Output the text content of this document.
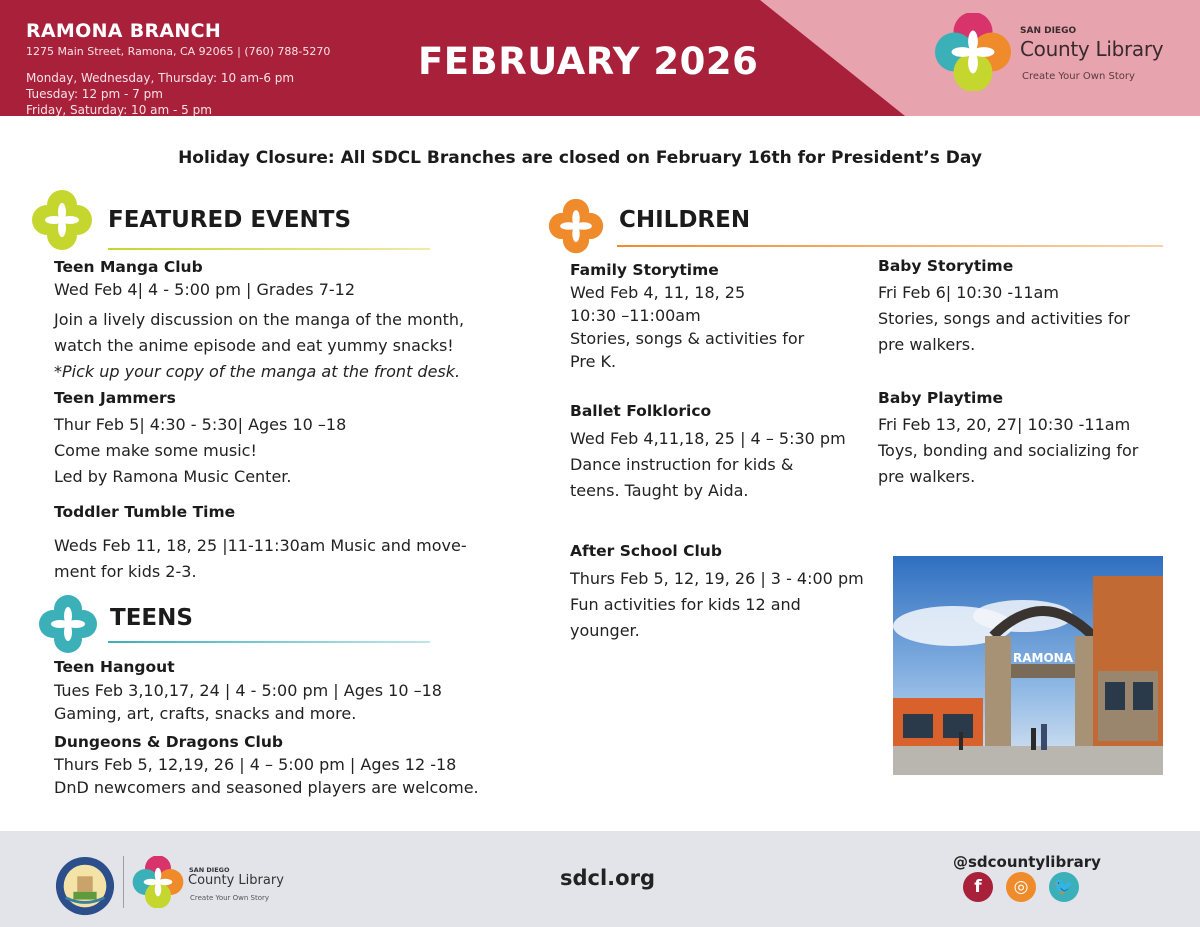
RAMONA BRANCH
1275 Main Street, Ramona, CA 92065 | (760) 788-5270
Monday, Wednesday, Thursday: 10 am-6 pm
Tuesday: 12 pm - 7 pm
Friday, Saturday: 10 am - 5 pm
FEBRUARY 2026
SAN DIEGO
County Library
Create Your Own Story
Holiday Closure: All SDCL Branches are closed on February 16th for President’s Day
FEATURED EVENTS
Teen Manga Club
Wed Feb 4| 4 - 5:00 pm | Grades 7-12
Join a lively discussion on the manga of the month,
watch the anime episode and eat yummy snacks!
*Pick up your copy of the manga at the front desk.
Teen Jammers
Thur Feb 5| 4:30 - 5:30| Ages 10 –18
Come make some music!
Led by Ramona Music Center.
Toddler Tumble Time
Weds Feb 11, 18, 25 |11-11:30am Music and move-
ment for kids 2-3.
TEENS
Teen Hangout
Tues Feb 3,10,17, 24 | 4 - 5:00 pm | Ages 10 –18
Gaming, art, crafts, snacks and more.
Dungeons & Dragons Club
Thurs Feb 5, 12,19, 26 | 4 – 5:00 pm | Ages 12 -18
DnD newcomers and seasoned players are welcome.
CHILDREN
Family Storytime
Wed Feb 4, 11, 18, 25
10:30 –11:00am
Stories, songs & activities for
Pre K.
Ballet Folklorico
Wed Feb 4,11,18, 25 | 4 – 5:30 pm
Dance instruction for kids &
teens. Taught by Aida.
After School Club
Thurs Feb 5, 12, 19, 26 | 3 - 4:00 pm
Fun activities for kids 12 and
younger.
Baby Storytime
Fri Feb 6| 10:30 -11am
Stories, songs and activities for
pre walkers.
Baby Playtime
Fri Feb 13, 20, 27| 10:30 -11am
Toys, bonding and socializing for
pre walkers.
RAMONA
SAN DIEGO
County Library
Create Your Own Story
sdcl.org
@sdcountylibrary
f	◎	🐦
